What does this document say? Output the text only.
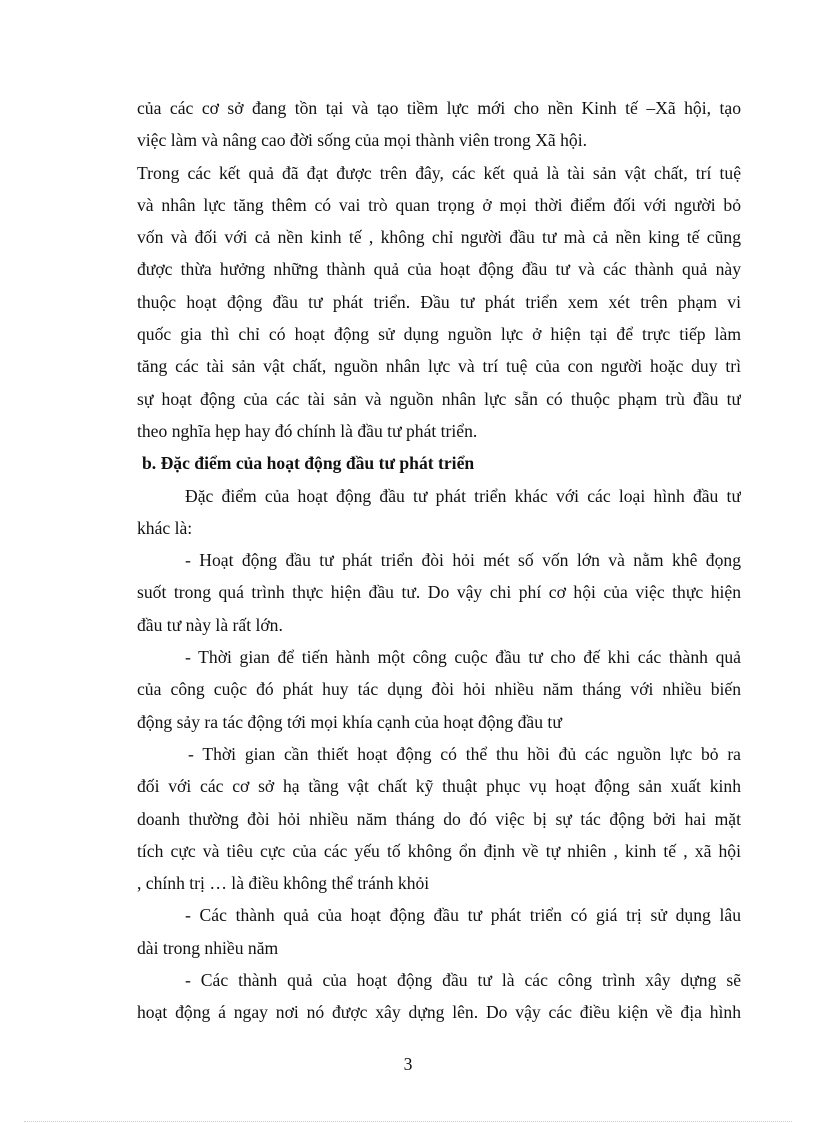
của các cơ sở đang tồn tại và tạo tiềm lực mới cho nền Kinh tế –Xã hội, tạo
việc làm và nâng cao đời sống của mọi thành viên trong Xã hội.
Trong các kết quả đã đạt được trên đây, các kết quả là tài sản vật chất, trí tuệ
và nhân lực tăng thêm có vai trò quan trọng ở mọi thời điểm đối với người bỏ
vốn và đối với cả nền kinh tế , không chỉ người đầu tư mà cả nền king tế cũng
được thừa hưởng những thành quả của hoạt động đầu tư và các thành quả này
thuộc hoạt động đầu tư phát triển. Đầu tư phát triển xem xét trên phạm vi
quốc gia thì chỉ có hoạt động sử dụng nguồn lực ở hiện tại để trực tiếp làm
tăng các tài sản vật chất, nguồn nhân lực và trí tuệ của con người hoặc duy trì
sự hoạt động của các tài sản và nguồn nhân lực sẵn có thuộc phạm trù đầu tư
theo nghĩa hẹp hay đó chính là đầu tư phát triển.
b. Đặc điểm của hoạt động đầu tư phát triển
Đặc điểm của hoạt động đầu tư phát triển khác với các loại hình đầu tư
khác là:
- Hoạt động đầu tư phát triển đòi hỏi mét số vốn lớn và nằm khê đọng
suốt trong quá trình thực hiện đầu tư. Do vậy chi phí cơ hội của việc thực hiện
đầu tư này là rất lớn.
- Thời gian để tiến hành một công cuộc đầu tư cho đế khi các thành quả
của công cuộc đó phát huy tác dụng đòi hỏi nhiều năm tháng với nhiều biến
động sảy ra tác động tới mọi khía cạnh của hoạt động đầu tư
- Thời gian cần thiết hoạt động có thể thu hồi đủ các nguồn lực bỏ ra
đối với các cơ sở hạ tầng vật chất kỹ thuật phục vụ hoạt động sản xuất kinh
doanh thường đòi hỏi nhiều năm tháng do đó việc bị sự tác động bởi hai mặt
tích cực và tiêu cực của các yếu tố không ổn định về tự nhiên , kinh tế , xã hội
, chính trị … là điều không thể tránh khỏi
- Các thành quả của hoạt động đầu tư phát triển có giá trị sử dụng lâu
dài trong nhiều năm
- Các thành quả của hoạt động đầu tư là các công trình xây dựng sẽ
hoạt động á ngay nơi nó được xây dựng lên. Do vậy các điều kiện về địa hình
3
